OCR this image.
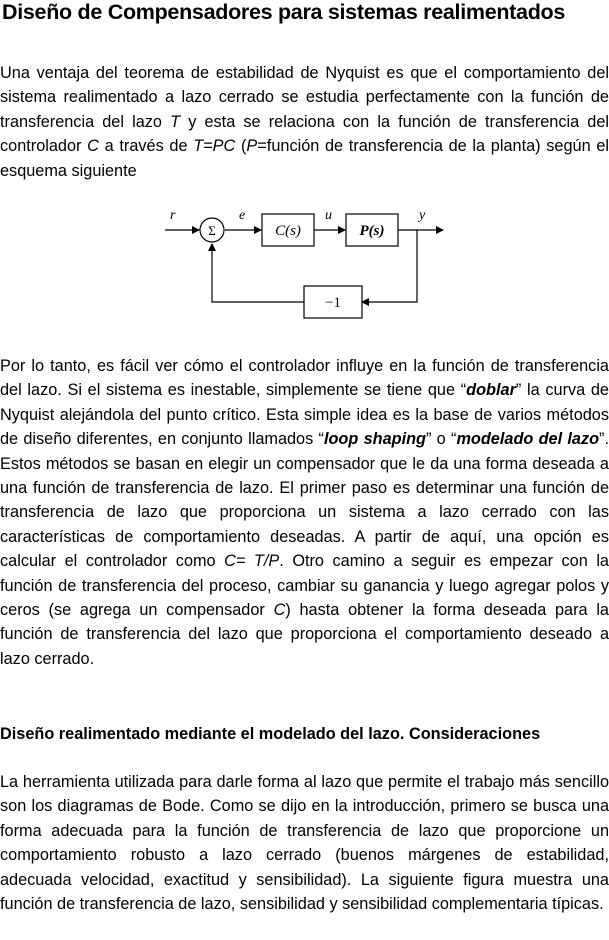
Diseño de Compensadores para sistemas realimentados

Una ventaja del teorema de estabilidad de Nyquist es que el comportamiento del sistema realimentado a lazo cerrado se estudia perfectamente con la función de transferencia del lazo T y esta se relaciona con la función de transferencia del controlador C a través de T=PC (P=función de transferencia de la planta) según el esquema siguiente

Σ	C(s)	P(s)
−1
r	e	u	y

Por lo tanto, es fácil ver cómo el controlador influye en la función de transferencia del lazo. Si el sistema es inestable, simplemente se tiene que “doblar” la curva de Nyquist alejándola del punto crítico. Esta simple idea es la base de varios métodos de diseño diferentes, en conjunto llamados “loop shaping” o “modelado del lazo”. Estos métodos se basan en elegir un compensador que le da una forma deseada a una función de transferencia de lazo. El primer paso es determinar una función de transferencia de lazo que proporciona un sistema a lazo cerrado con las características de comportamiento deseadas. A partir de aquí, una opción es calcular el controlador como C= T/P. Otro camino a seguir es empezar con la función de transferencia del proceso, cambiar su ganancia y luego agregar polos y ceros (se agrega un compensador C) hasta obtener la forma deseada para la función de transferencia del lazo que proporciona el comportamiento deseado a lazo cerrado.

Diseño realimentado mediante el modelado del lazo. Consideraciones

La herramienta utilizada para darle forma al lazo que permite el trabajo más sencillo son los diagramas de Bode. Como se dijo en la introducción, primero se busca una forma adecuada para la función de transferencia de lazo que proporcione un comportamiento robusto a lazo cerrado (buenos márgenes de estabilidad, adecuada velocidad, exactitud y sensibilidad). La siguiente figura muestra una función de transferencia de lazo, sensibilidad y sensibilidad complementaria típicas.
